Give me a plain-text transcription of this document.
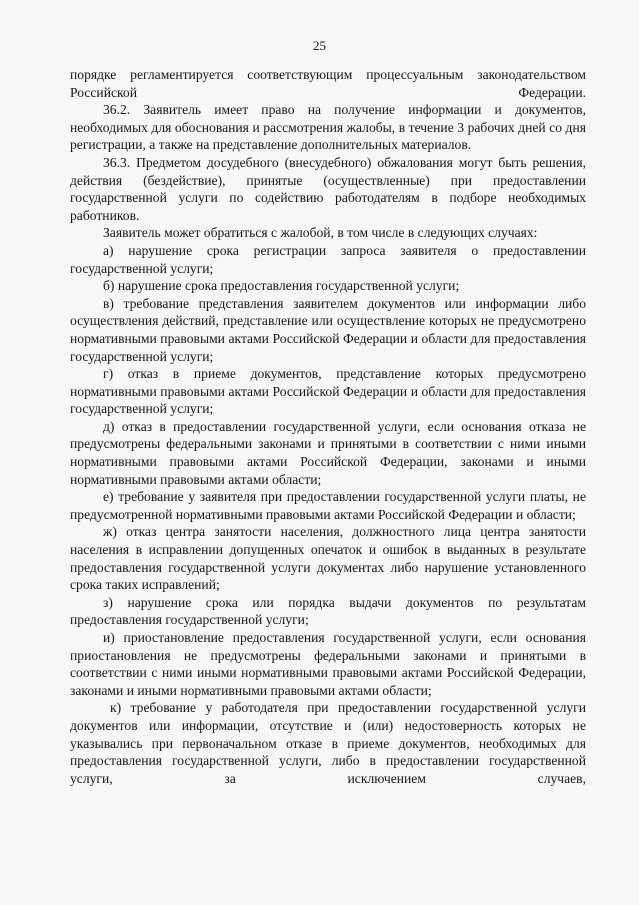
25

порядке регламентируется соответствующим процессуальным законодательством Российской Федерации.

36.2. Заявитель имеет право на получение информации и документов, необходимых для обоснования и рассмотрения жалобы, в течение 3 рабочих дней со дня регистрации, а также на представление дополнительных материалов.

36.3. Предметом досудебного (внесудебного) обжалования могут быть решения, действия (бездействие), принятые (осуществленные) при предоставлении государственной услуги по содействию работодателям в подборе необходимых работников.

Заявитель может обратиться с жалобой, в том числе в следующих случаях:

а) нарушение срока регистрации запроса заявителя о предоставлении государственной услуги;

б) нарушение срока предоставления государственной услуги;

в) требование представления заявителем документов или информации либо осуществления действий, представление или осуществление которых не предусмотрено нормативными правовыми актами Российской Федерации и области для предоставления государственной услуги;

г) отказ в приеме документов, представление которых предусмотрено нормативными правовыми актами Российской Федерации и области для предоставления государственной услуги;

д) отказ в предоставлении государственной услуги, если основания отказа не предусмотрены федеральными законами и принятыми в соответствии с ними иными нормативными правовыми актами Российской Федерации, законами и иными нормативными правовыми актами области;

е) требование у заявителя при предоставлении государственной услуги платы, не предусмотренной нормативными правовыми актами Российской Федерации и области;

ж) отказ центра занятости населения, должностного лица центра занятости населения в исправлении допущенных опечаток и ошибок в выданных в результате предоставления государственной услуги документах либо нарушение установленного срока таких исправлений;

з) нарушение срока или порядка выдачи документов по результатам предоставления государственной услуги;

и) приостановление предоставления государственной услуги, если основания приостановления не предусмотрены федеральными законами и принятыми в соответствии с ними иными нормативными правовыми актами Российской Федерации, законами и иными нормативными правовыми актами области;

к) требование у работодателя при предоставлении государственной услуги документов или информации, отсутствие и (или) недостоверность которых не указывались при первоначальном отказе в приеме документов, необходимых для предоставления государственной услуги, либо в предоставлении государственной услуги, за исключением случаев,
